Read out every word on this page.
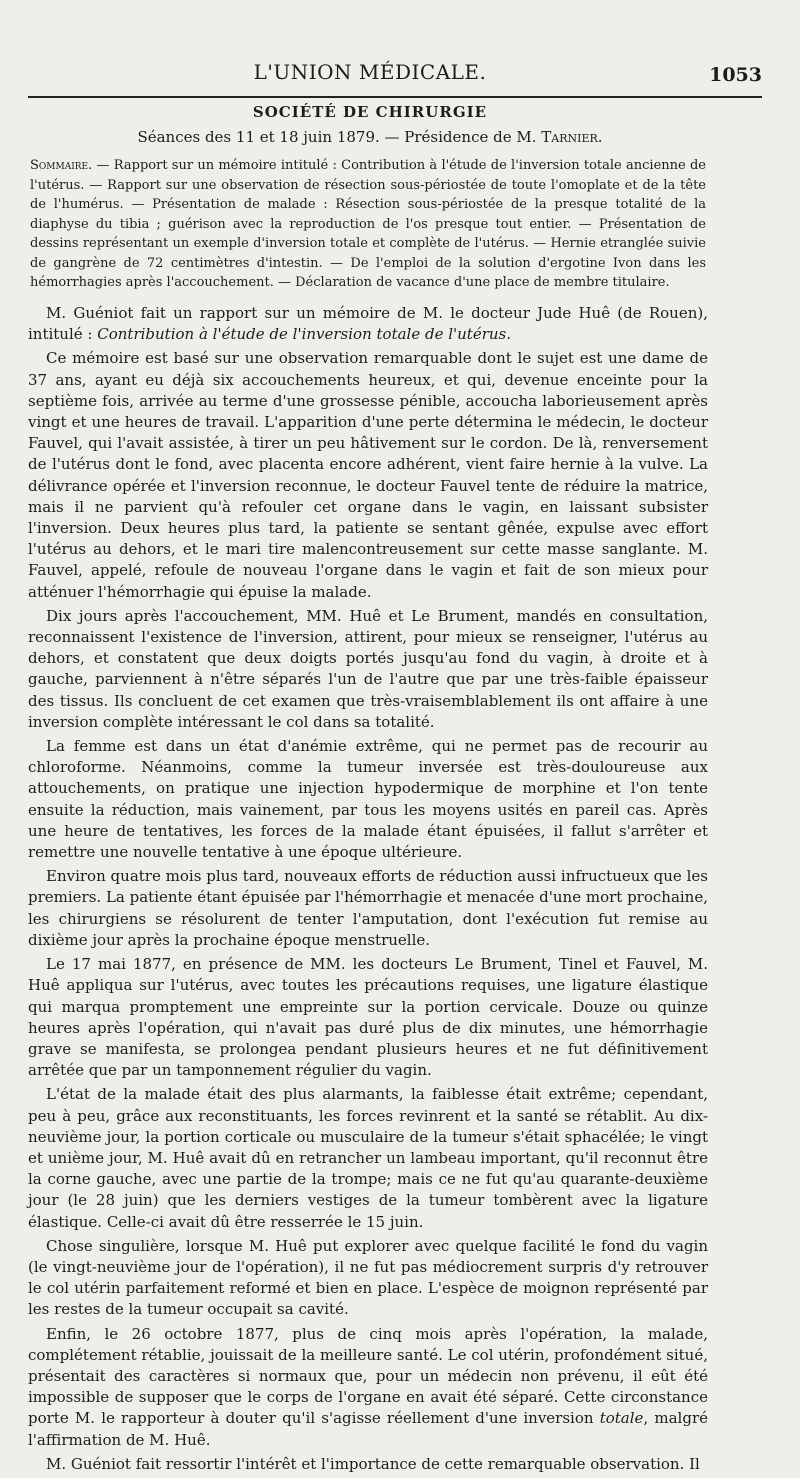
L'UNION MÉDICALE.	1053
SOCIÉTÉ DE CHIRURGIE
Séances des 11 et 18 juin 1879. — Présidence de M. Tarnier.
Sommaire. — Rapport sur un mémoire intitulé : Contribution à l'étude de l'inversion totale ancienne de l'utérus. — Rapport sur une observation de résection sous-périostée de toute l'omoplate et de la tête de l'humérus. — Présentation de malade : Résection sous-périostée de la presque totalité de la diaphyse du tibia ; guérison avec la reproduction de l'os presque tout entier. — Présentation de dessins représentant un exemple d'inversion totale et complète de l'utérus. — Hernie etranglée suivie de gangrène de 72 centimètres d'intestin. — De l'emploi de la solution d'ergotine Ivon dans les hémorrhagies après l'accouchement. — Déclaration de vacance d'une place de membre titulaire.

M. Guéniot fait un rapport sur un mémoire de M. le docteur Jude Huê (de Rouen), intitulé : Contribution à l'étude de l'inversion totale de l'utérus.

Ce mémoire est basé sur une observation remarquable dont le sujet est une dame de 37 ans, ayant eu déjà six accouchements heureux, et qui, devenue enceinte pour la septième fois, arrivée au terme d'une grossesse pénible, accoucha laborieusement après vingt et une heures de travail. L'apparition d'une perte détermina le médecin, le docteur Fauvel, qui l'avait assistée, à tirer un peu hâtivement sur le cordon. De là, renversement de l'utérus dont le fond, avec placenta encore adhérent, vient faire hernie à la vulve. La délivrance opérée et l'inversion reconnue, le docteur Fauvel tente de réduire la matrice, mais il ne parvient qu'à refouler cet organe dans le vagin, en laissant subsister l'inversion. Deux heures plus tard, la patiente se sentant gênée, expulse avec effort l'utérus au dehors, et le mari tire malencontreusement sur cette masse sanglante. M. Fauvel, appelé, refoule de nouveau l'organe dans le vagin et fait de son mieux pour atténuer l'hémorrhagie qui épuise la malade.

Dix jours après l'accouchement, MM. Huê et Le Brument, mandés en consultation, reconnaissent l'existence de l'inversion, attirent, pour mieux se renseigner, l'utérus au dehors, et constatent que deux doigts portés jusqu'au fond du vagin, à droite et à gauche, parviennent à n'être séparés l'un de l'autre que par une très-faible épaisseur des tissus. Ils concluent de cet examen que très-vraisemblablement ils ont affaire à une inversion complète intéressant le col dans sa totalité.

La femme est dans un état d'anémie extrême, qui ne permet pas de recourir au chloroforme. Néanmoins, comme la tumeur inversée est très-douloureuse aux attouchements, on pratique une injection hypodermique de morphine et l'on tente ensuite la réduction, mais vainement, par tous les moyens usités en pareil cas. Après une heure de tentatives, les forces de la malade étant épuisées, il fallut s'arrêter et remettre une nouvelle tentative à une époque ultérieure.

Environ quatre mois plus tard, nouveaux efforts de réduction aussi infructueux que les premiers. La patiente étant épuisée par l'hémorrhagie et menacée d'une mort prochaine, les chirurgiens se résolurent de tenter l'amputation, dont l'exécution fut remise au dixième jour après la prochaine époque menstruelle.

Le 17 mai 1877, en présence de MM. les docteurs Le Brument, Tinel et Fauvel, M. Huê appliqua sur l'utérus, avec toutes les précautions requises, une ligature élastique qui marqua promptement une empreinte sur la portion cervicale. Douze ou quinze heures après l'opération, qui n'avait pas duré plus de dix minutes, une hémorrhagie grave se manifesta, se prolongea pendant plusieurs heures et ne fut définitivement arrêtée que par un tamponnement régulier du vagin.

L'état de la malade était des plus alarmants, la faiblesse était extrême; cependant, peu à peu, grâce aux reconstituants, les forces revinrent et la santé se rétablit. Au dix-neuvième jour, la portion corticale ou musculaire de la tumeur s'était sphacélée; le vingt et unième jour, M. Huê avait dû en retrancher un lambeau important, qu'il reconnut être la corne gauche, avec une partie de la trompe; mais ce ne fut qu'au quarante-deuxième jour (le 28 juin) que les derniers vestiges de la tumeur tombèrent avec la ligature élastique. Celle-ci avait dû être resserrée le 15 juin.

Chose singulière, lorsque M. Huê put explorer avec quelque facilité le fond du vagin (le vingt-neuvième jour de l'opération), il ne fut pas médiocrement surpris d'y retrouver le col utérin parfaitement reformé et bien en place. L'espèce de moignon représenté par les restes de la tumeur occupait sa cavité.

Enfin, le 26 octobre 1877, plus de cinq mois après l'opération, la malade, complétement rétablie, jouissait de la meilleure santé. Le col utérin, profondément situé, présentait des caractères si normaux que, pour un médecin non prévenu, il eût été impossible de supposer que le corps de l'organe en avait été séparé. Cette circonstance porte M. le rapporteur à douter qu'il s'agisse réellement d'une inversion totale, malgré l'affirmation de M. Huê.

M. Guéniot fait ressortir l'intérêt et l'importance de cette remarquable observation. Il
